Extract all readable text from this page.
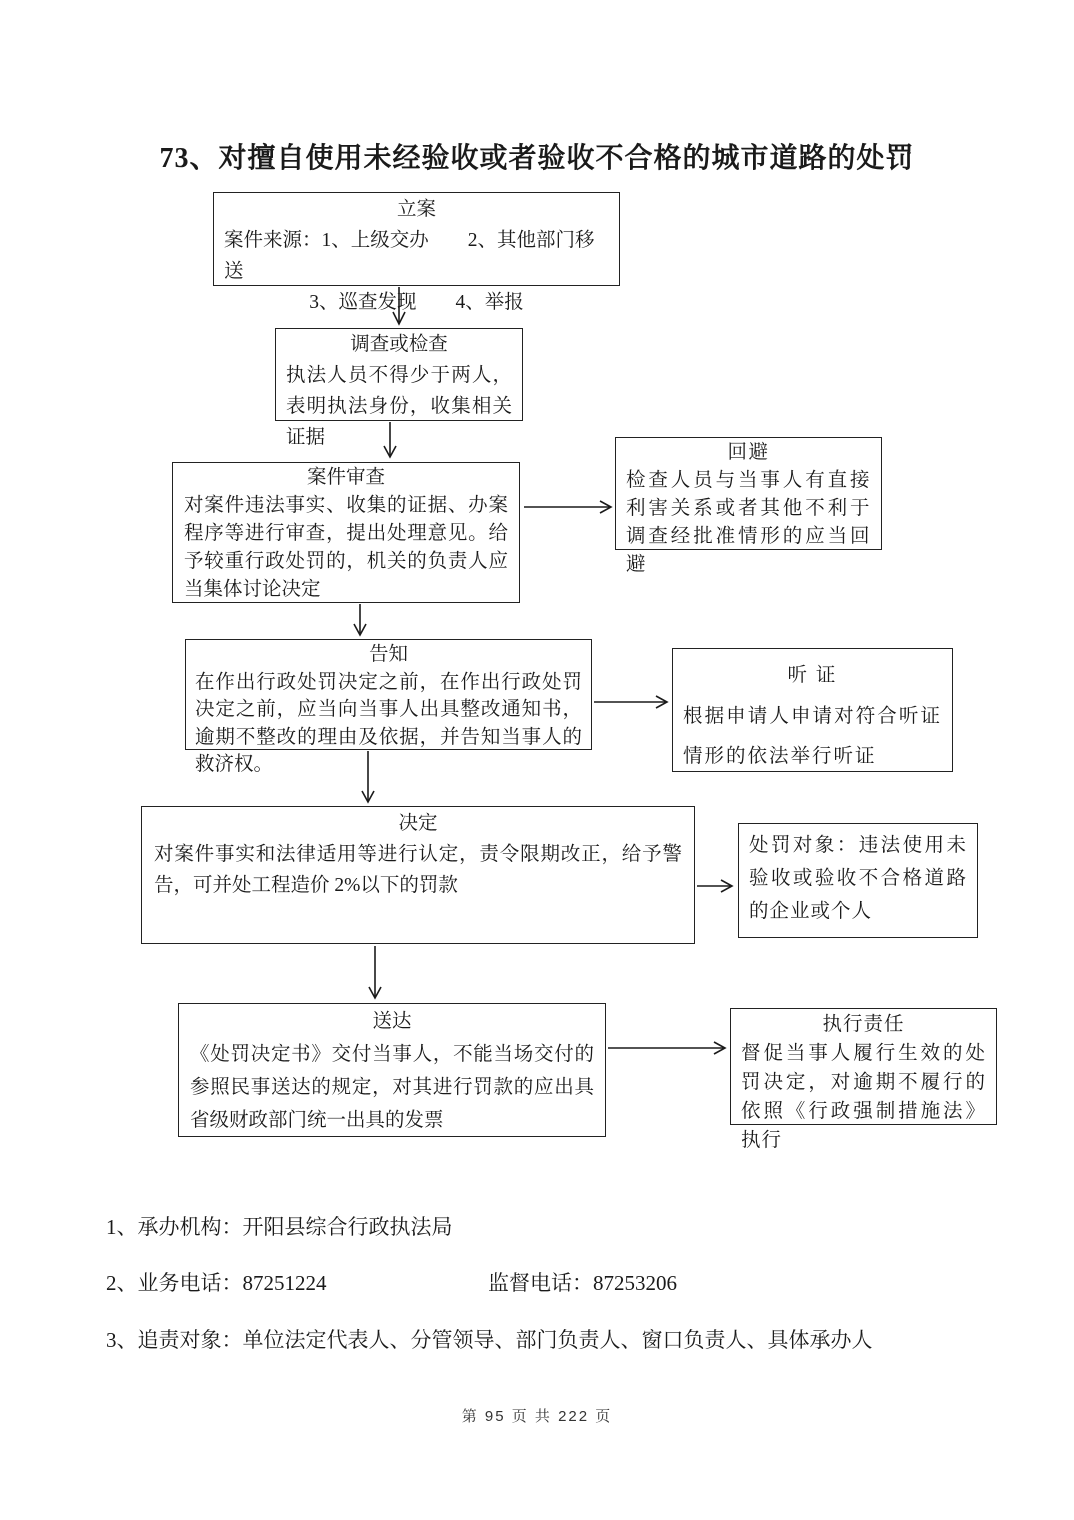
73、对擅自使用未经验收或者验收不合格的城市道路的处罚
立案
案件来源：1、上级交办　　2、其他部门移送
3、巡查发现　　4、举报
调查或检查
执法人员不得少于两人，表明执法身份，收集相关证据
案件审查
对案件违法事实、收集的证据、办案程序等进行审查，提出处理意见。给予较重行政处罚的，机关的负责人应当集体讨论决定
回避
检查人员与当事人有直接利害关系或者其他不利于调查经批准情形的应当回避
告知
在作出行政处罚决定之前，在作出行政处罚决定之前，应当向当事人出具整改通知书，逾期不整改的理由及依据，并告知当事人的救济权。
听 证
根据申请人申请对符合听证情形的依法举行听证
决定
对案件事实和法律适用等进行认定，责令限期改正，给予警告，可并处工程造价 2%以下的罚款
处罚对象：违法使用未验收或验收不合格道路的企业或个人
送达
《处罚决定书》交付当事人，不能当场交付的参照民事送达的规定，对其进行罚款的应出具省级财政部门统一出具的发票
执行责任
督促当事人履行生效的处罚决定，对逾期不履行的依照《行政强制措施法》执行
1、承办机构：开阳县综合行政执法局
2、业务电话：87251224	监督电话：87253206
3、追责对象：单位法定代表人、分管领导、部门负责人、窗口负责人、具体承办人
第 95 页 共 222 页
